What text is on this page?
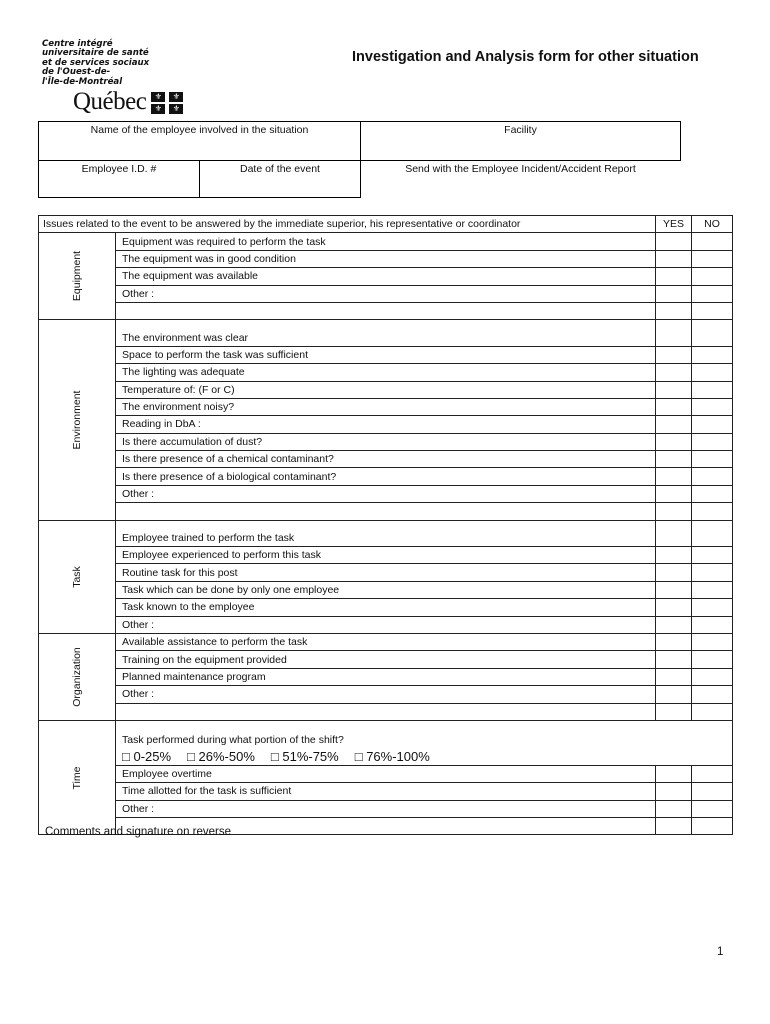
Centre intégré
universitaire de santé
et de services sociaux
de l'Ouest-de-
l'Île-de-Montréal
Québec	⚜	⚜
⚜	⚜
Investigation and Analysis form for other situation
Name of the employee involved in the situation	Facility
Employee I.D. #	Date of the event	Send with the Employee Incident/Accident Report
Issues related to the event to be answered by the immediate superior, his representative or coordinator		YES	NO

Equipment	Equipment was required to perform the task		
	The equipment was in good condition		
	The equipment was available		
	Other :		

Environment	The environment was clear		
	Space to perform the task was sufficient		
	The lighting was adequate		
	Temperature of: (F or C)		
	The environment noisy?		
	Reading in DbA :		
	Is there accumulation of dust?		
	Is there presence of a chemical contaminant?		
	Is there presence of a biological contaminant?		
	Other :		

Task	Employee trained to perform the task		
	Employee experienced to perform this task		
	Routine task for this post		
	Task which can be done by only one employee		
	Task known to the employee		
	Other :		

Organization	Available assistance to perform the task		
	Training on the equipment provided		
	Planned maintenance program		
	Other :		

Time	Task performed during what portion of the shift?		
	□ 0-25% □ 26%-50% □ 51%-75% □ 76%-100%		
	Employee overtime		
	Time allotted for the task is sufficient		
	Other :		

Comments and signature on reverse
1
